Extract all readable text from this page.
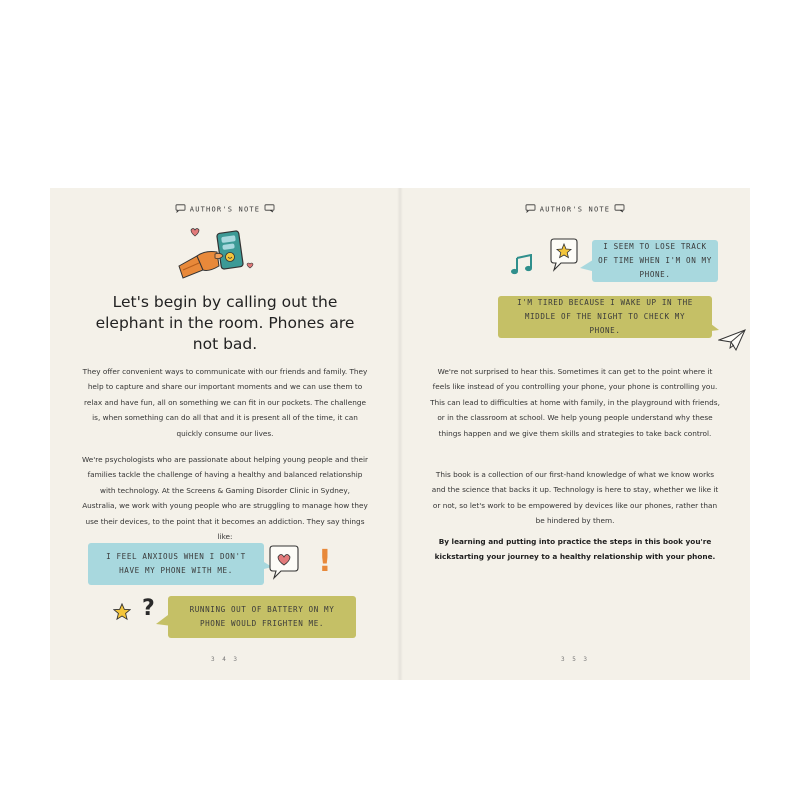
AUTHOR'S NOTE
Let's begin by calling out the elephant in the room. Phones are not bad.
They offer convenient ways to communicate with our friends and family. They help to capture and share our important moments and we can use them to relax and have fun, all on something we can fit in our pockets. The challenge is, when something can do all that and it is present all of the time, it can quickly consume our lives.
We're psychologists who are passionate about helping young people and their families tackle the challenge of having a healthy and balanced relationship with technology. At the Screens & Gaming Disorder Clinic in Sydney, Australia, we work with young people who are struggling to manage how they use their devices, to the point that it becomes an addiction. They say things like:
I FEEL ANXIOUS WHEN I DON'T HAVE MY PHONE WITH ME.	!
RUNNING OUT OF BATTERY ON MY PHONE WOULD FRIGHTEN ME.
?
3 4 3
AUTHOR'S NOTE
I SEEM TO LOSE TRACK OF TIME WHEN I'M ON MY PHONE.
I'M TIRED BECAUSE I WAKE UP IN THE MIDDLE OF THE NIGHT TO CHECK MY PHONE.
We're not surprised to hear this. Sometimes it can get to the point where it feels like instead of you controlling your phone, your phone is controlling you. This can lead to difficulties at home with family, in the playground with friends, or in the classroom at school. We help young people understand why these things happen and we give them skills and strategies to take back control.
This book is a collection of our first-hand knowledge of what we know works and the science that backs it up. Technology is here to stay, whether we like it or not, so let's work to be empowered by devices like our phones, rather than be hindered by them.
By learning and putting into practice the steps in this book you're kickstarting your journey to a healthy relationship with your phone.
3 5 3
